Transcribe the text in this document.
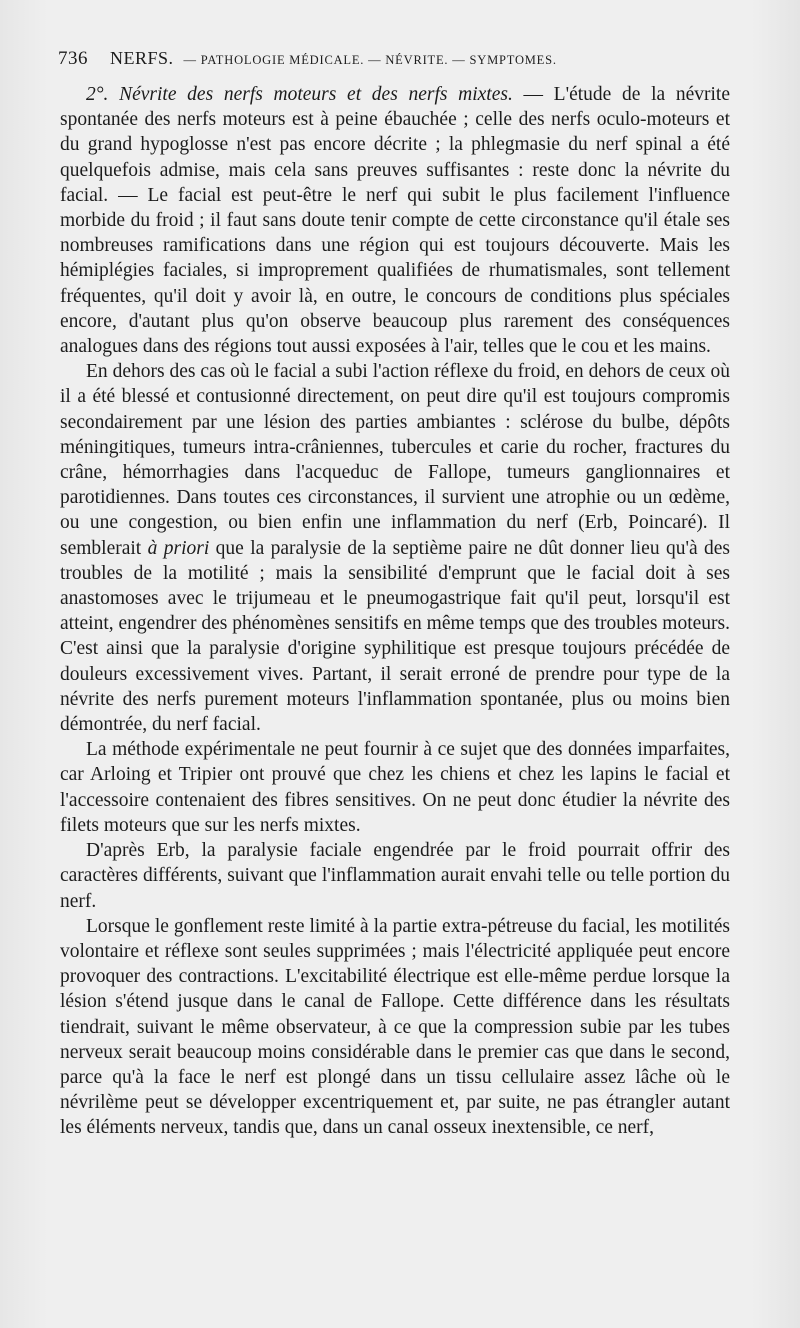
736 NERFS. — PATHOLOGIE MÉDICALE. — NÉVRITE. — SYMPTOMES.

2°. Névrite des nerfs moteurs et des nerfs mixtes. — L'étude de la névrite spontanée des nerfs moteurs est à peine ébauchée ; celle des nerfs oculo-moteurs et du grand hypoglosse n'est pas encore décrite ; la phlegmasie du nerf spinal a été quelquefois admise, mais cela sans preuves suffisantes : reste donc la névrite du facial. — Le facial est peut-être le nerf qui subit le plus facilement l'influence morbide du froid ; il faut sans doute tenir compte de cette circonstance qu'il étale ses nombreuses ramifications dans une région qui est toujours découverte. Mais les hémiplégies faciales, si improprement qualifiées de rhumatismales, sont tellement fréquentes, qu'il doit y avoir là, en outre, le concours de conditions plus spéciales encore, d'autant plus qu'on observe beaucoup plus rarement des conséquences analogues dans des régions tout aussi exposées à l'air, telles que le cou et les mains.

En dehors des cas où le facial a subi l'action réflexe du froid, en dehors de ceux où il a été blessé et contusionné directement, on peut dire qu'il est toujours compromis secondairement par une lésion des parties ambiantes : sclérose du bulbe, dépôts méningitiques, tumeurs intra-crâniennes, tubercules et carie du rocher, fractures du crâne, hémorrhagies dans l'acqueduc de Fallope, tumeurs ganglionnaires et parotidiennes. Dans toutes ces circonstances, il survient une atrophie ou un œdème, ou une congestion, ou bien enfin une inflammation du nerf (Erb, Poincaré). Il semblerait à priori que la paralysie de la septième paire ne dût donner lieu qu'à des troubles de la motilité ; mais la sensibilité d'emprunt que le facial doit à ses anastomoses avec le trijumeau et le pneumogastrique fait qu'il peut, lorsqu'il est atteint, engendrer des phénomènes sensitifs en même temps que des troubles moteurs. C'est ainsi que la paralysie d'origine syphilitique est presque toujours précédée de douleurs excessivement vives. Partant, il serait erroné de prendre pour type de la névrite des nerfs purement moteurs l'inflammation spontanée, plus ou moins bien démontrée, du nerf facial.

La méthode expérimentale ne peut fournir à ce sujet que des données imparfaites, car Arloing et Tripier ont prouvé que chez les chiens et chez les lapins le facial et l'accessoire contenaient des fibres sensitives. On ne peut donc étudier la névrite des filets moteurs que sur les nerfs mixtes.

D'après Erb, la paralysie faciale engendrée par le froid pourrait offrir des caractères différents, suivant que l'inflammation aurait envahi telle ou telle portion du nerf.

Lorsque le gonflement reste limité à la partie extra-pétreuse du facial, les motilités volontaire et réflexe sont seules supprimées ; mais l'électricité appliquée peut encore provoquer des contractions. L'excitabilité électrique est elle-même perdue lorsque la lésion s'étend jusque dans le canal de Fallope. Cette différence dans les résultats tiendrait, suivant le même observateur, à ce que la compression subie par les tubes nerveux serait beaucoup moins considérable dans le premier cas que dans le second, parce qu'à la face le nerf est plongé dans un tissu cellulaire assez lâche où le névrilème peut se développer excentriquement et, par suite, ne pas étrangler autant les éléments nerveux, tandis que, dans un canal osseux inextensible, ce nerf,
